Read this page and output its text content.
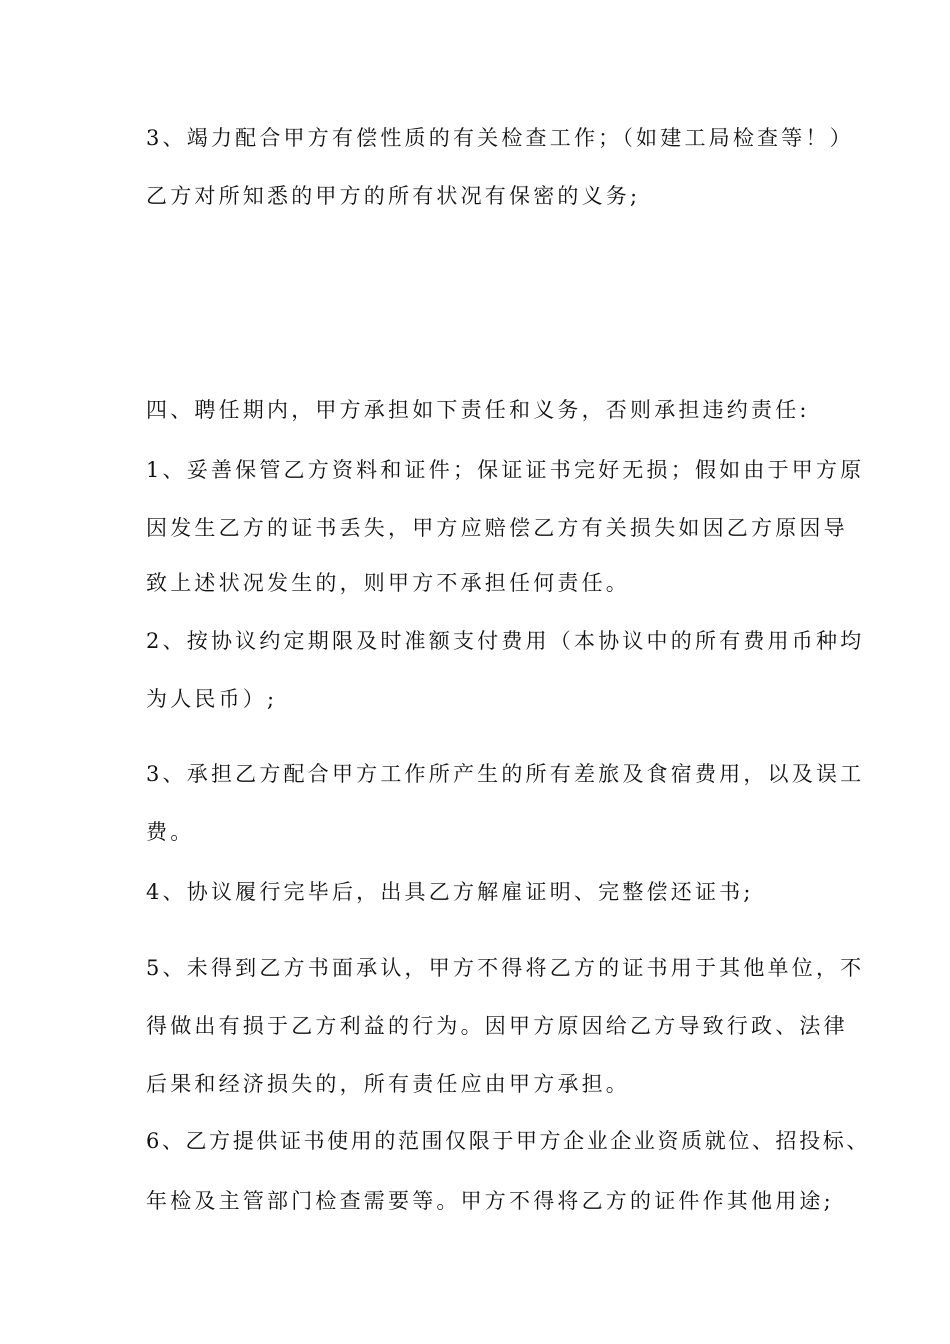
3、竭力配合甲方有偿性质的有关检查工作；（如建工局检查等！）
乙方对所知悉的甲方的所有状况有保密的义务;
四、聘任期内，甲方承担如下责任和义务，否则承担违约责任:
1、妥善保管乙方资料和证件；保证证书完好无损；假如由于甲方原
因发生乙方的证书丢失，甲方应赔偿乙方有关损失如因乙方原因导
致上述状况发生的，则甲方不承担任何责任。
2、按协议约定期限及时准额支付费用（本协议中的所有费用币种均
为人民币）;
3、承担乙方配合甲方工作所产生的所有差旅及食宿费用，以及误工
费。
4、协议履行完毕后，出具乙方解雇证明、完整偿还证书;
5、未得到乙方书面承认，甲方不得将乙方的证书用于其他单位，不
得做出有损于乙方利益的行为。因甲方原因给乙方导致行政、法律
后果和经济损失的，所有责任应由甲方承担。
6、乙方提供证书使用的范围仅限于甲方企业企业资质就位、招投标、
年检及主管部门检查需要等。甲方不得将乙方的证件作其他用途;
